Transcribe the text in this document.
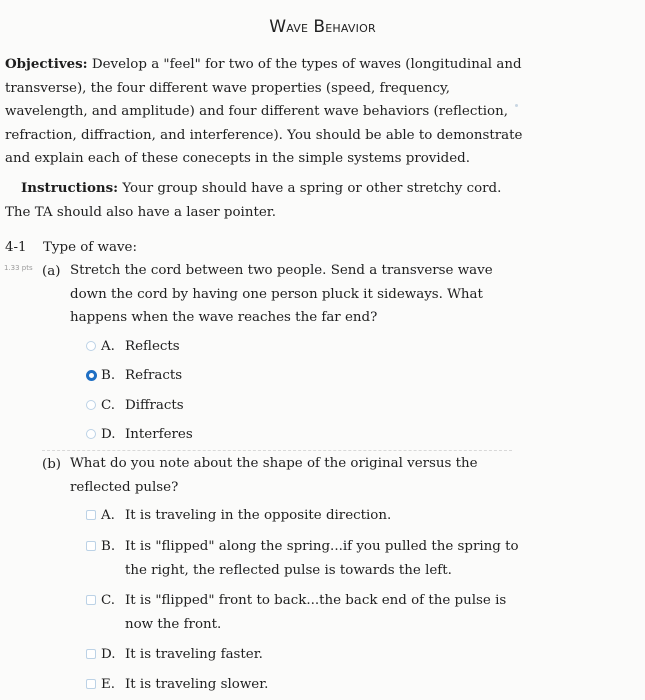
Wave Behavior
Objectives: Develop a "feel" for two of the types of waves (longitudinal and transverse), the four different wave properties (speed, frequency, wavelength, and amplitude) and four different wave behaviors (reflection, refraction, diffraction, and interference). You should be able to demonstrate and explain each of these conecepts in the simple systems provided.
Instructions: Your group should have a spring or other stretchy cord. The TA should also have a laser pointer.
4-1 Type of wave:
1.33 pts (a) Stretch the cord between two people. Send a transverse wave down the cord by having one person pluck it sideways. What happens when the wave reaches the far end?
A. Reflects
B. Refracts
C. Diffracts
D. Interferes
(b) What do you note about the shape of the original versus the reflected pulse?
A. It is traveling in the opposite direction.
B. It is "flipped" along the spring...if you pulled the spring to the right, the reflected pulse is towards the left.
C. It is "flipped" front to back...the back end of the pulse is now the front.
D. It is traveling faster.
E. It is traveling slower.
